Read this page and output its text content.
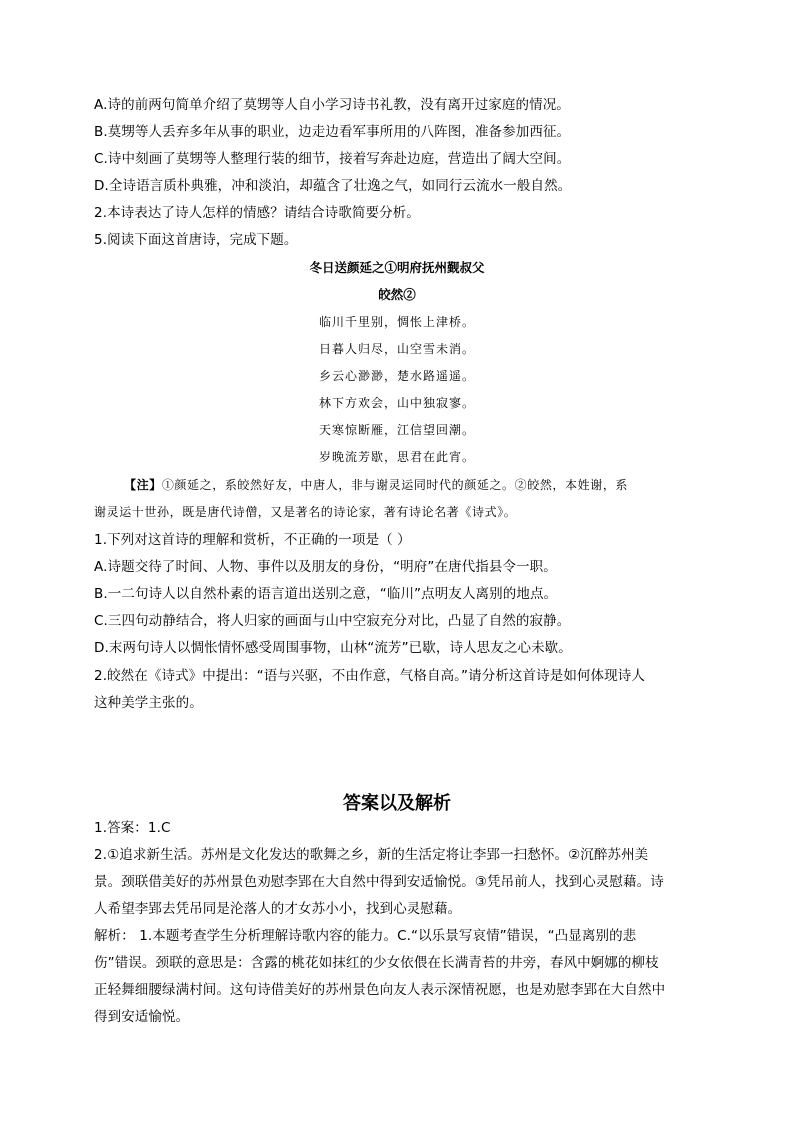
A.诗的前两句简单介绍了莫甥等人自小学习诗书礼教，没有离开过家庭的情况。
B.莫甥等人丢弃多年从事的职业，边走边看军事所用的八阵图，准备参加西征。
C.诗中刻画了莫甥等人整理行装的细节，接着写奔赴边庭，营造出了阔大空间。
D.全诗语言质朴典雅，冲和淡泊，却蕴含了壮逸之气，如同行云流水一般自然。
2.本诗表达了诗人怎样的情感？请结合诗歌简要分析。
5.阅读下面这首唐诗，完成下题。
冬日送颜延之①明府抚州觐叔父
皎然②
临川千里别，惆怅上津桥。
日暮人归尽，山空雪未消。
乡云心渺渺，楚水路遥遥。
林下方欢会，山中独寂寥。
天寒惊断雁，江信望回潮。
岁晚流芳歇，思君在此宵。
【注】①颜延之，系皎然好友，中唐人，非与谢灵运同时代的颜延之。②皎然，本姓谢，系
谢灵运十世孙，既是唐代诗僧，又是著名的诗论家，著有诗论名著《诗式》。
1.下列对这首诗的理解和赏析，不正确的一项是（ ）
A.诗题交待了时间、人物、事件以及朋友的身份，“明府”在唐代指县令一职。
B.一二句诗人以自然朴素的语言道出送别之意，“临川”点明友人离别的地点。
C.三四句动静结合，将人归家的画面与山中空寂充分对比，凸显了自然的寂静。
D.末两句诗人以惆怅情怀感受周围事物，山林“流芳”已歇，诗人思友之心未歇。
2.皎然在《诗式》中提出：“语与兴驱，不由作意，气格自高。”请分析这首诗是如何体现诗人
这种美学主张的。
答案以及解析
1.答案：1.C
2.①追求新生活。苏州是文化发达的歌舞之乡，新的生活定将让李郢一扫愁怀。②沉醉苏州美
景。颈联借美好的苏州景色劝慰李郢在大自然中得到安适愉悦。③凭吊前人，找到心灵慰藉。诗
人希望李郢去凭吊同是沦落人的才女苏小小，找到心灵慰藉。
解析： 1.本题考查学生分析理解诗歌内容的能力。C.“以乐景写哀情”错误，“凸显离别的悲
伤”错误。颈联的意思是：含露的桃花如抹红的少女依偎在长满青苔的井旁，春风中婀娜的柳枝
正轻舞细腰绿满村间。这句诗借美好的苏州景色向友人表示深情祝愿，也是劝慰李郢在大自然中
得到安适愉悦。
